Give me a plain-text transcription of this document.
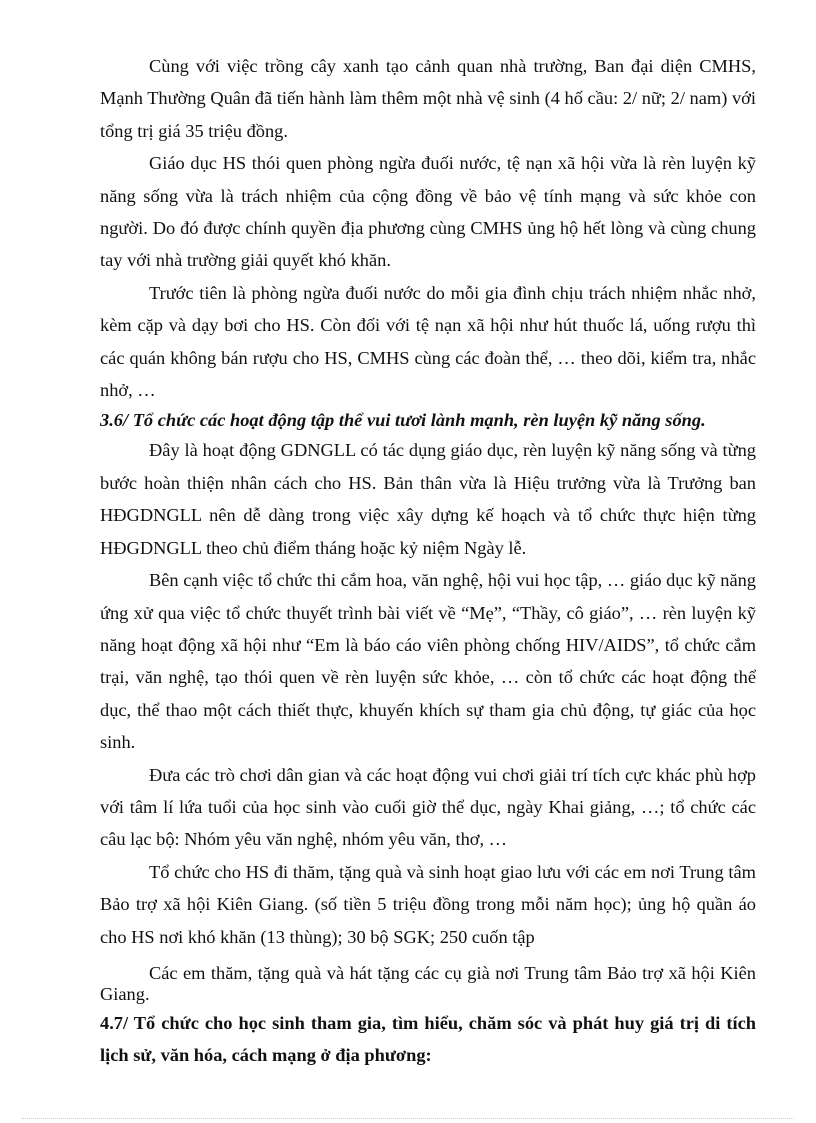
Cùng với việc trồng cây xanh tạo cảnh quan nhà trường, Ban đại diện CMHS, Mạnh Thường Quân đã tiến hành làm thêm một nhà vệ sinh (4 hố cầu: 2/ nữ; 2/ nam) với tổng trị giá 35 triệu đồng.

Giáo dục HS thói quen phòng ngừa đuối nước, tệ nạn xã hội vừa là rèn luyện kỹ năng sống vừa là trách nhiệm của cộng đồng về bảo vệ tính mạng và sức khỏe con người. Do đó được chính quyền địa phương cùng CMHS ủng hộ hết lòng và cùng chung tay với nhà trường giải quyết khó khăn.

Trước tiên là phòng ngừa đuối nước do mỗi gia đình chịu trách nhiệm nhắc nhở, kèm cặp và dạy bơi cho HS. Còn đối với tệ nạn xã hội như hút thuốc lá, uống rượu thì các quán không bán rượu cho HS, CMHS cùng các đoàn thể, … theo dõi, kiểm tra, nhắc nhở, …

3.6/ Tổ chức các hoạt động tập thể vui tươi lành mạnh, rèn luyện kỹ năng sống.

Đây là hoạt động GDNGLL có tác dụng giáo dục, rèn luyện kỹ năng sống và từng bước hoàn thiện nhân cách cho HS. Bản thân vừa là Hiệu trưởng vừa là Trưởng ban HĐGDNGLL nên dễ dàng trong việc xây dựng kế hoạch và tổ chức thực hiện từng HĐGDNGLL theo chủ điểm tháng hoặc kỷ niệm Ngày lễ.

Bên cạnh việc tổ chức thi cắm hoa, văn nghệ, hội vui học tập, … giáo dục kỹ năng ứng xử qua việc tổ chức thuyết trình bài viết về “Mẹ”, “Thầy, cô giáo”, … rèn luyện kỹ năng hoạt động xã hội như “Em là báo cáo viên phòng chống HIV/AIDS”, tổ chức cắm trại, văn nghệ, tạo thói quen về rèn luyện sức khỏe, … còn tổ chức các hoạt động thể dục, thể thao một cách thiết thực, khuyến khích sự tham gia chủ động, tự giác của học sinh.

Đưa các trò chơi dân gian và các hoạt động vui chơi giải trí tích cực khác phù hợp với tâm lí lứa tuổi của học sinh vào cuối giờ thể dục, ngày Khai giảng, …; tổ chức các câu lạc bộ: Nhóm yêu văn nghệ, nhóm yêu văn, thơ, …

Tổ chức cho HS đi thăm, tặng quà và sinh hoạt giao lưu với các em nơi Trung tâm Bảo trợ xã hội Kiên Giang. (số tiền 5 triệu đồng trong mỗi năm học); ủng hộ quần áo cho HS nơi khó khăn (13 thùng); 30 bộ SGK; 250 cuốn tập

Các em thăm, tặng quà và hát tặng các cụ già nơi Trung tâm Bảo trợ xã hội Kiên Giang.

4.7/ Tổ chức cho học sinh tham gia, tìm hiểu, chăm sóc và phát huy giá trị di tích lịch sử, văn hóa, cách mạng ở địa phương:
